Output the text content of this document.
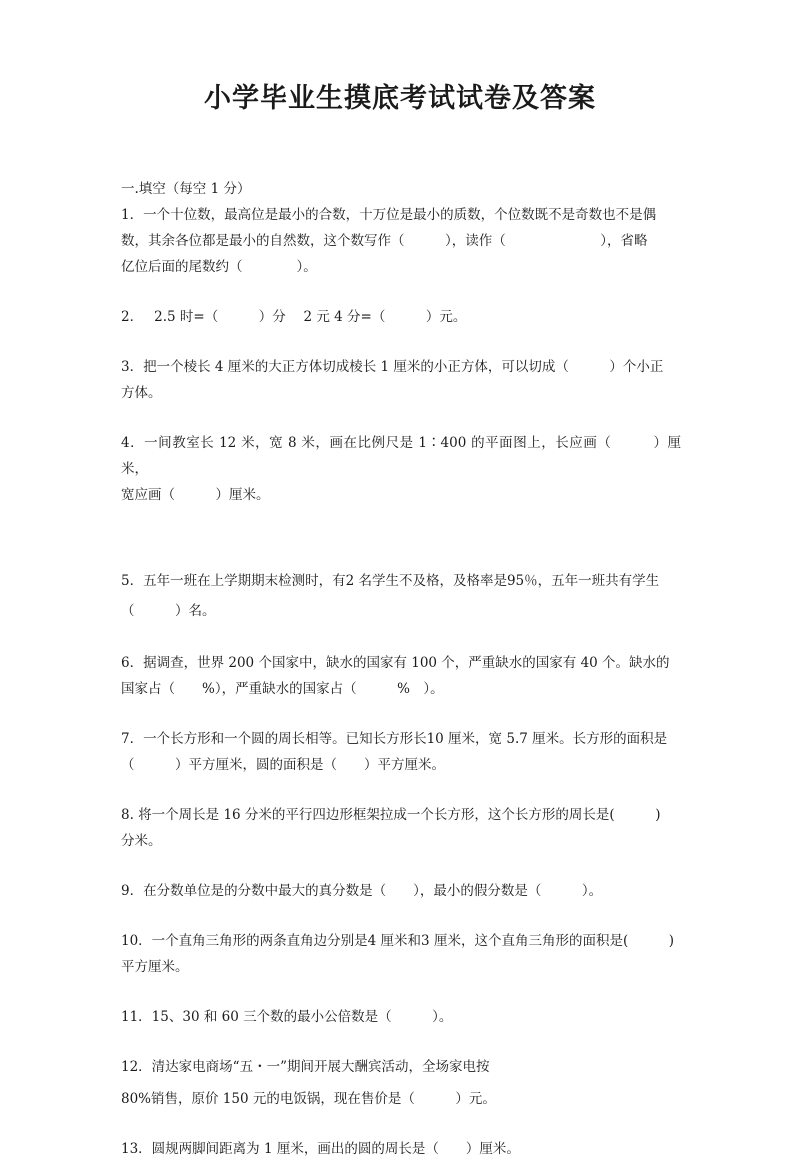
小学毕业生摸底考试试卷及答案

一.填空（每空 1 分）

1．一个十位数，最高位是最小的合数，十万位是最小的质数，个位数既不是奇数也不是偶

数，其余各位都是最小的自然数，这个数写作（　　　），读作（　　　　　　　），省略

亿位后面的尾数约（　　　　）。

2．　 2.5 时=（　　　）分　 2 元 4 分=（　　　）元。

3．把一个棱长 4 厘米的大正方体切成棱长 1 厘米的小正方体，可以切成（　　　）个小正

方体。

4．一间教室长 12 米，宽 8 米，画在比例尺是 1∶400 的平面图上，长应画（　　　）厘米，

宽应画（　　　）厘米。

5．五年一班在上学期期末检测时，有2 名学生不及格，及格率是95％，五年一班共有学生

（　　　）名。

6．据调查，世界 200 个国家中，缺水的国家有 100 个，严重缺水的国家有 40 个。缺水的

国家占（　　%），严重缺水的国家占（　　　%　）。

7．一个长方形和一个圆的周长相等。已知长方形长10 厘米，宽 5.7 厘米。长方形的面积是

（　　　）平方厘米，圆的面积是（　　）平方厘米。

8. 将一个周长是 16 分米的平行四边形框架拉成一个长方形，这个长方形的周长是(　　　)

分米。

9．在分数单位是的分数中最大的真分数是（　　），最小的假分数是（　　　）。

10．一个直角三角形的两条直角边分别是4 厘米和3 厘米，这个直角三角形的面积是(　　　)

平方厘米。

11．15、30 和 60 三个数的最小公倍数是（　　　）。

12．清达家电商场“五・一”期间开展大酬宾活动，全场家电按

80%销售，原价 150 元的电饭锅，现在售价是（　　　）元。

13．圆规两脚间距离为 1 厘米，画出的圆的周长是（　　）厘米。
